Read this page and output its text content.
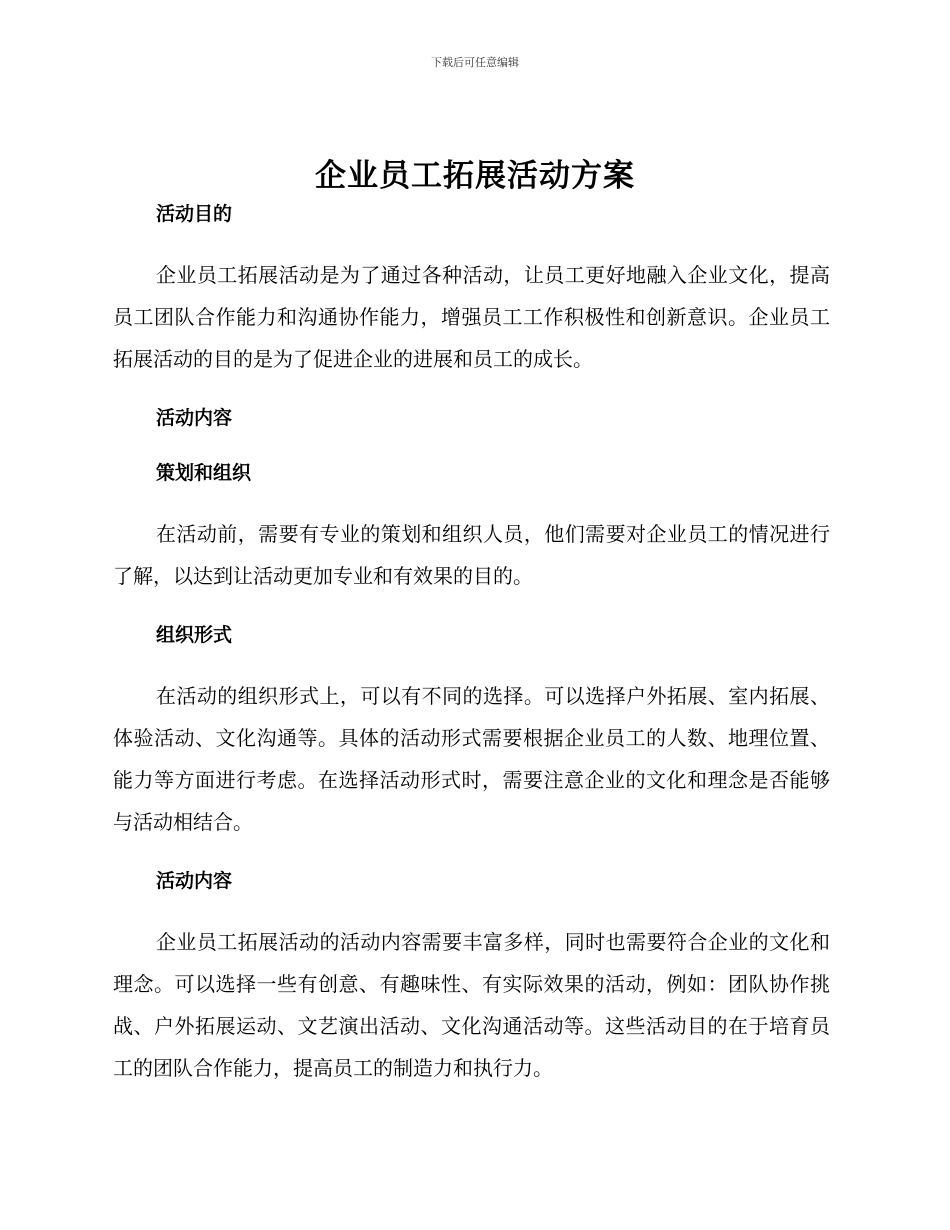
下载后可任意编辑
企业员工拓展活动方案
活动目的

企业员工拓展活动是为了通过各种活动，让员工更好地融入企业文化，提高员工团队合作能力和沟通协作能力，增强员工工作积极性和创新意识。企业员工拓展活动的目的是为了促进企业的进展和员工的成长。

活动内容
策划和组织

在活动前，需要有专业的策划和组织人员，他们需要对企业员工的情况进行了解，以达到让活动更加专业和有效果的目的。

组织形式

在活动的组织形式上，可以有不同的选择。可以选择户外拓展、室内拓展、体验活动、文化沟通等。具体的活动形式需要根据企业员工的人数、地理位置、能力等方面进行考虑。在选择活动形式时，需要注意企业的文化和理念是否能够与活动相结合。

活动内容

企业员工拓展活动的活动内容需要丰富多样，同时也需要符合企业的文化和理念。可以选择一些有创意、有趣味性、有实际效果的活动，例如：团队协作挑战、户外拓展运动、文艺演出活动、文化沟通活动等。这些活动目的在于培育员工的团队合作能力，提高员工的制造力和执行力。
